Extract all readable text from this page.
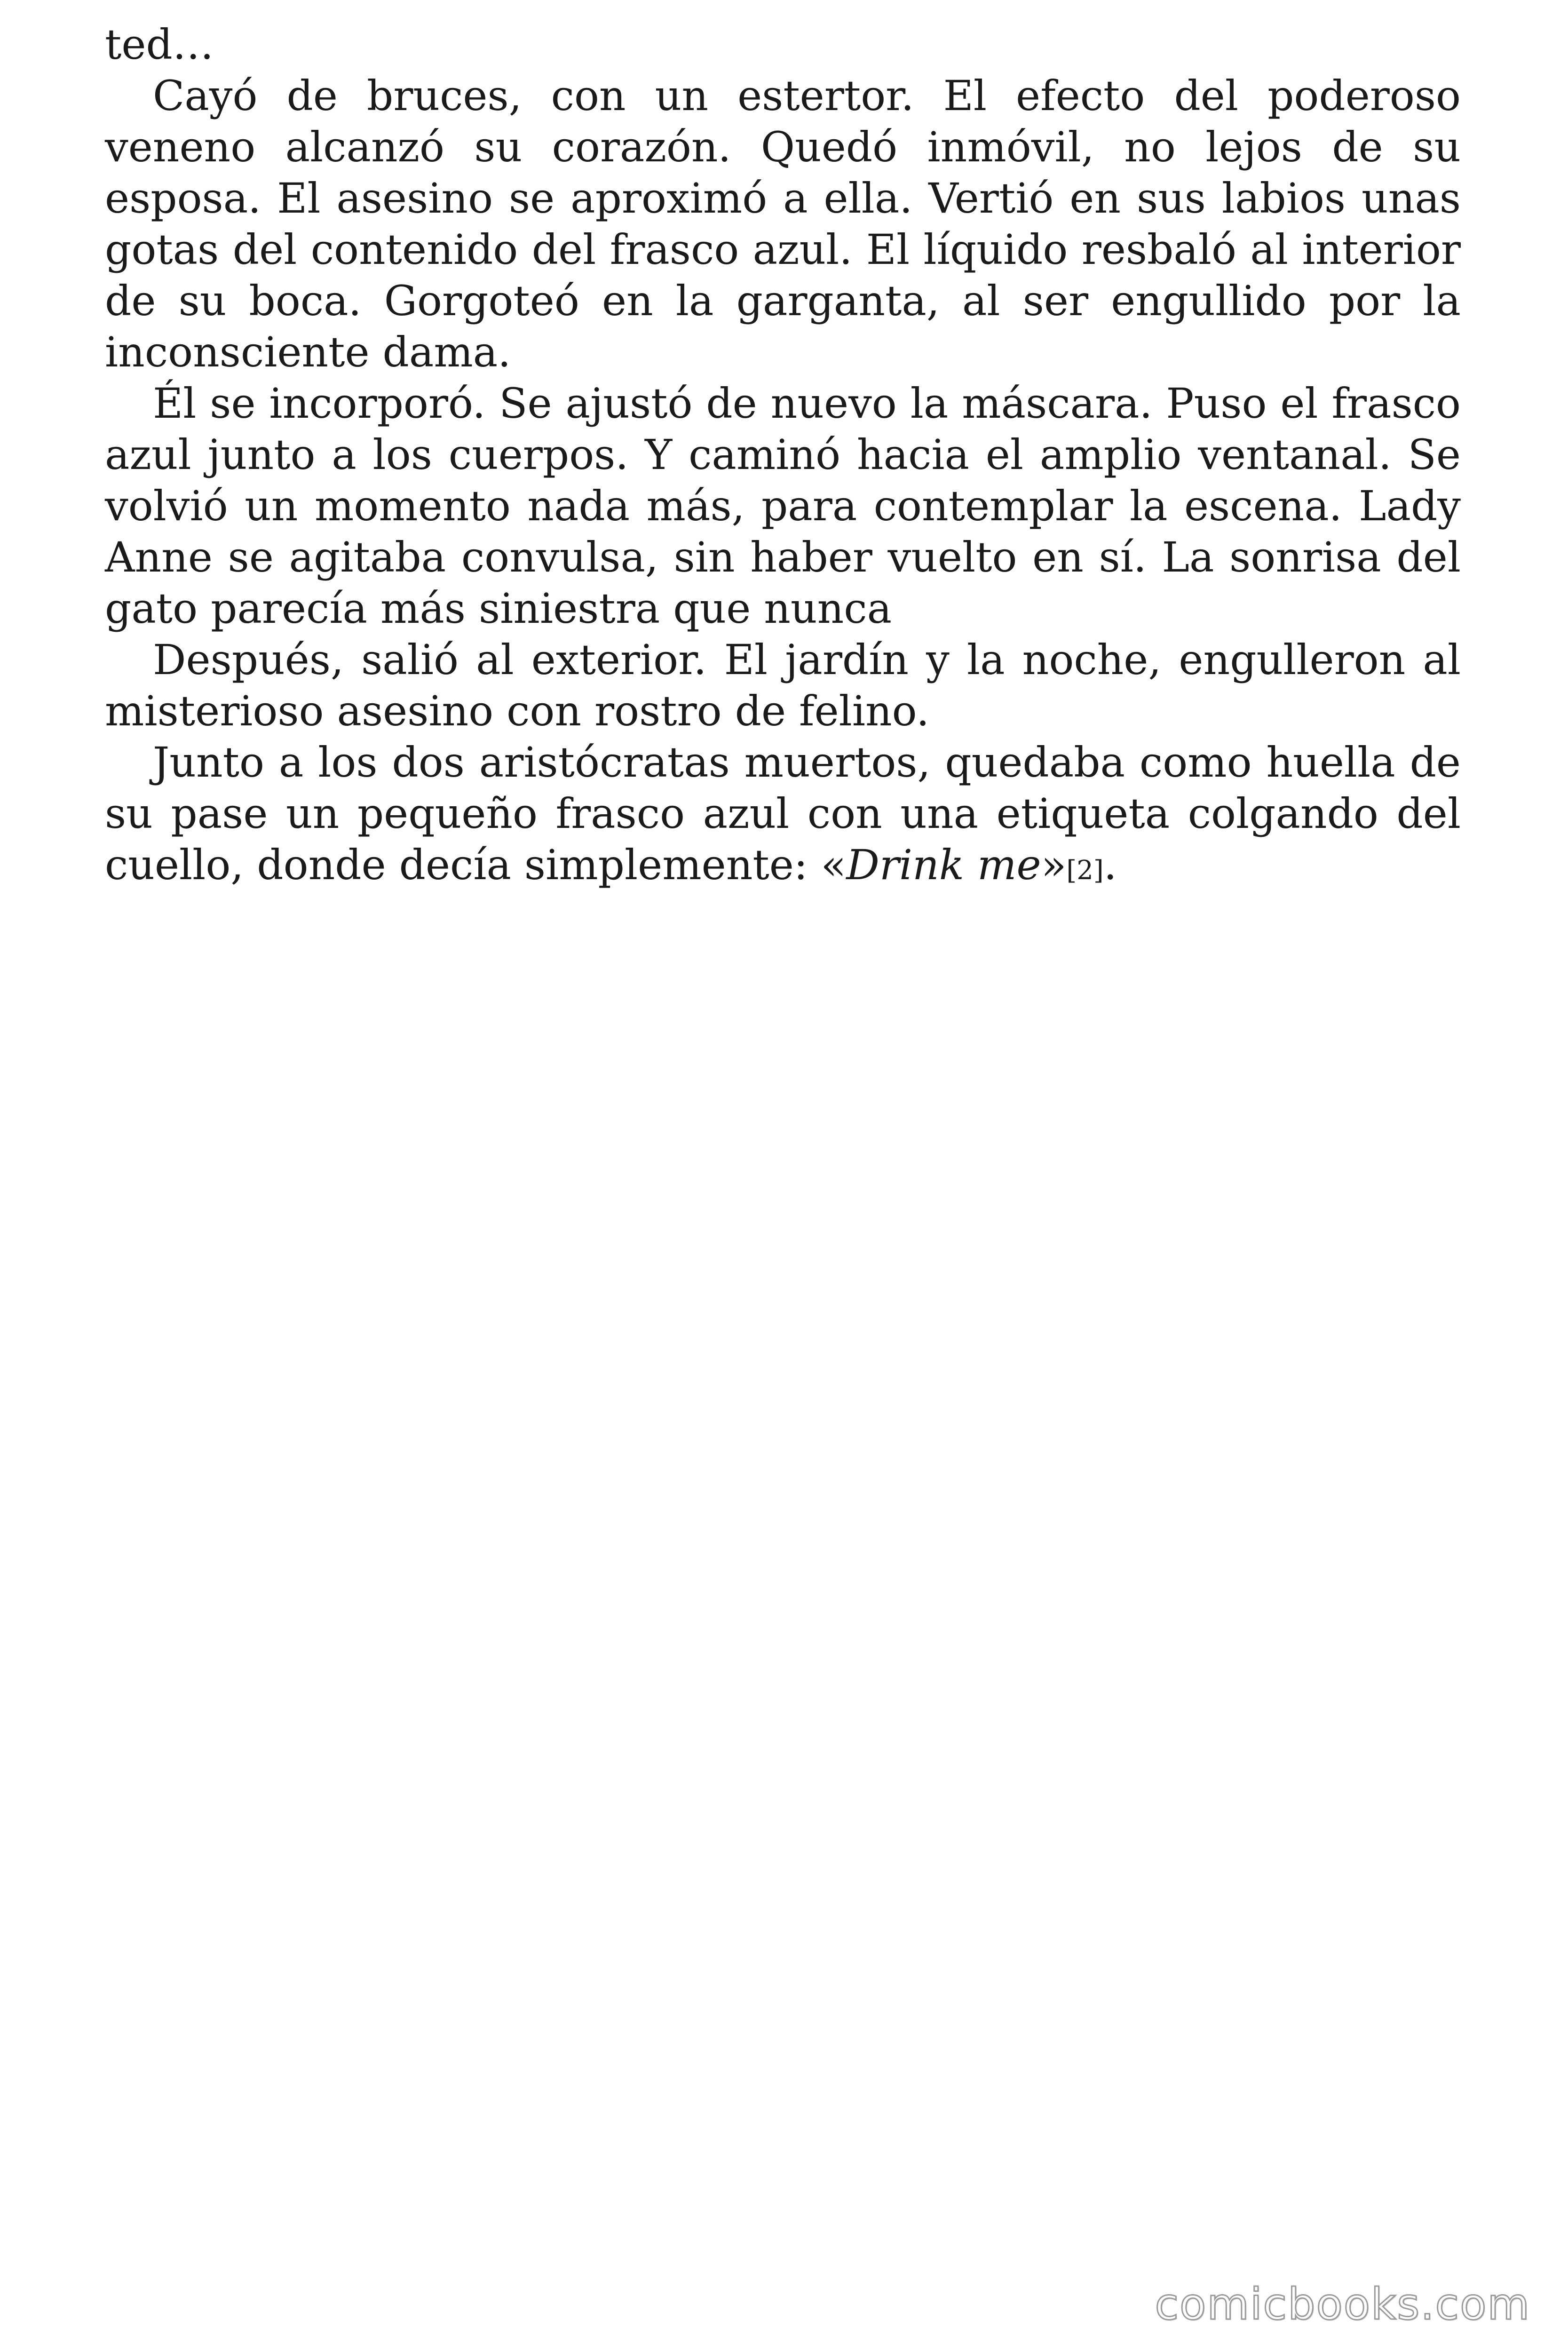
ted…

Cayó de bruces, con un estertor. El efecto del poderoso veneno alcanzó su corazón. Quedó inmóvil, no lejos de su esposa. El asesino se aproximó a ella. Vertió en sus labios unas gotas del contenido del frasco azul. El líquido resbaló al interior de su boca. Gorgoteó en la garganta, al ser engullido por la inconsciente dama.

Él se incorporó. Se ajustó de nuevo la máscara. Puso el frasco azul junto a los cuerpos. Y caminó hacia el amplio ventanal. Se volvió un momento nada más, para contemplar la escena. Lady Anne se agitaba convulsa, sin haber vuelto en sí. La sonrisa del gato parecía más siniestra que nunca

Después, salió al exterior. El jardín y la noche, engulleron al misterioso asesino con rostro de felino.

Junto a los dos aristócratas muertos, quedaba como huella de su pase un pequeño frasco azul con una etiqueta colgando del cuello, donde decía simplemente: «Drink me»[2].

comicbooks.com
